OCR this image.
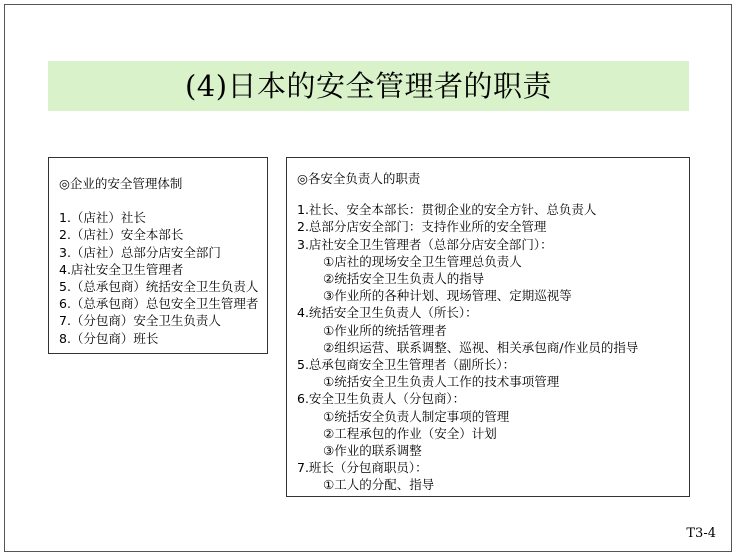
(4)日本的安全管理者的职责
◎企业的安全管理体制
1.（店社）社长
2.（店社）安全本部长
3.（店社）总部分店安全部门
4.店社安全卫生管理者
5.（总承包商）统括安全卫生负责人
6.（总承包商）总包安全卫生管理者
7.（分包商）安全卫生负责人
8.（分包商）班长
◎各安全负责人的职责
1.社长、安全本部长：贯彻企业的安全方针、总负责人
2.总部分店安全部门：支持作业所的安全管理
3.店社安全卫生管理者（总部分店安全部门）：
①店社的现场安全卫生管理总负责人
②统括安全卫生负责人的指导
③作业所的各种计划、现场管理、定期巡视等
4.统括安全卫生负责人（所长）：
①作业所的统括管理者
②组织运营、联系调整、巡视、相关承包商/作业员的指导
5.总承包商安全卫生管理者（副所长）：
①统括安全卫生负责人工作的技术事项管理
6.安全卫生负责人（分包商）：
①统括安全负责人制定事项的管理
②工程承包的作业（安全）计划
③作业的联系调整
7.班长（分包商职员）：
①工人的分配、指导
T3-4
